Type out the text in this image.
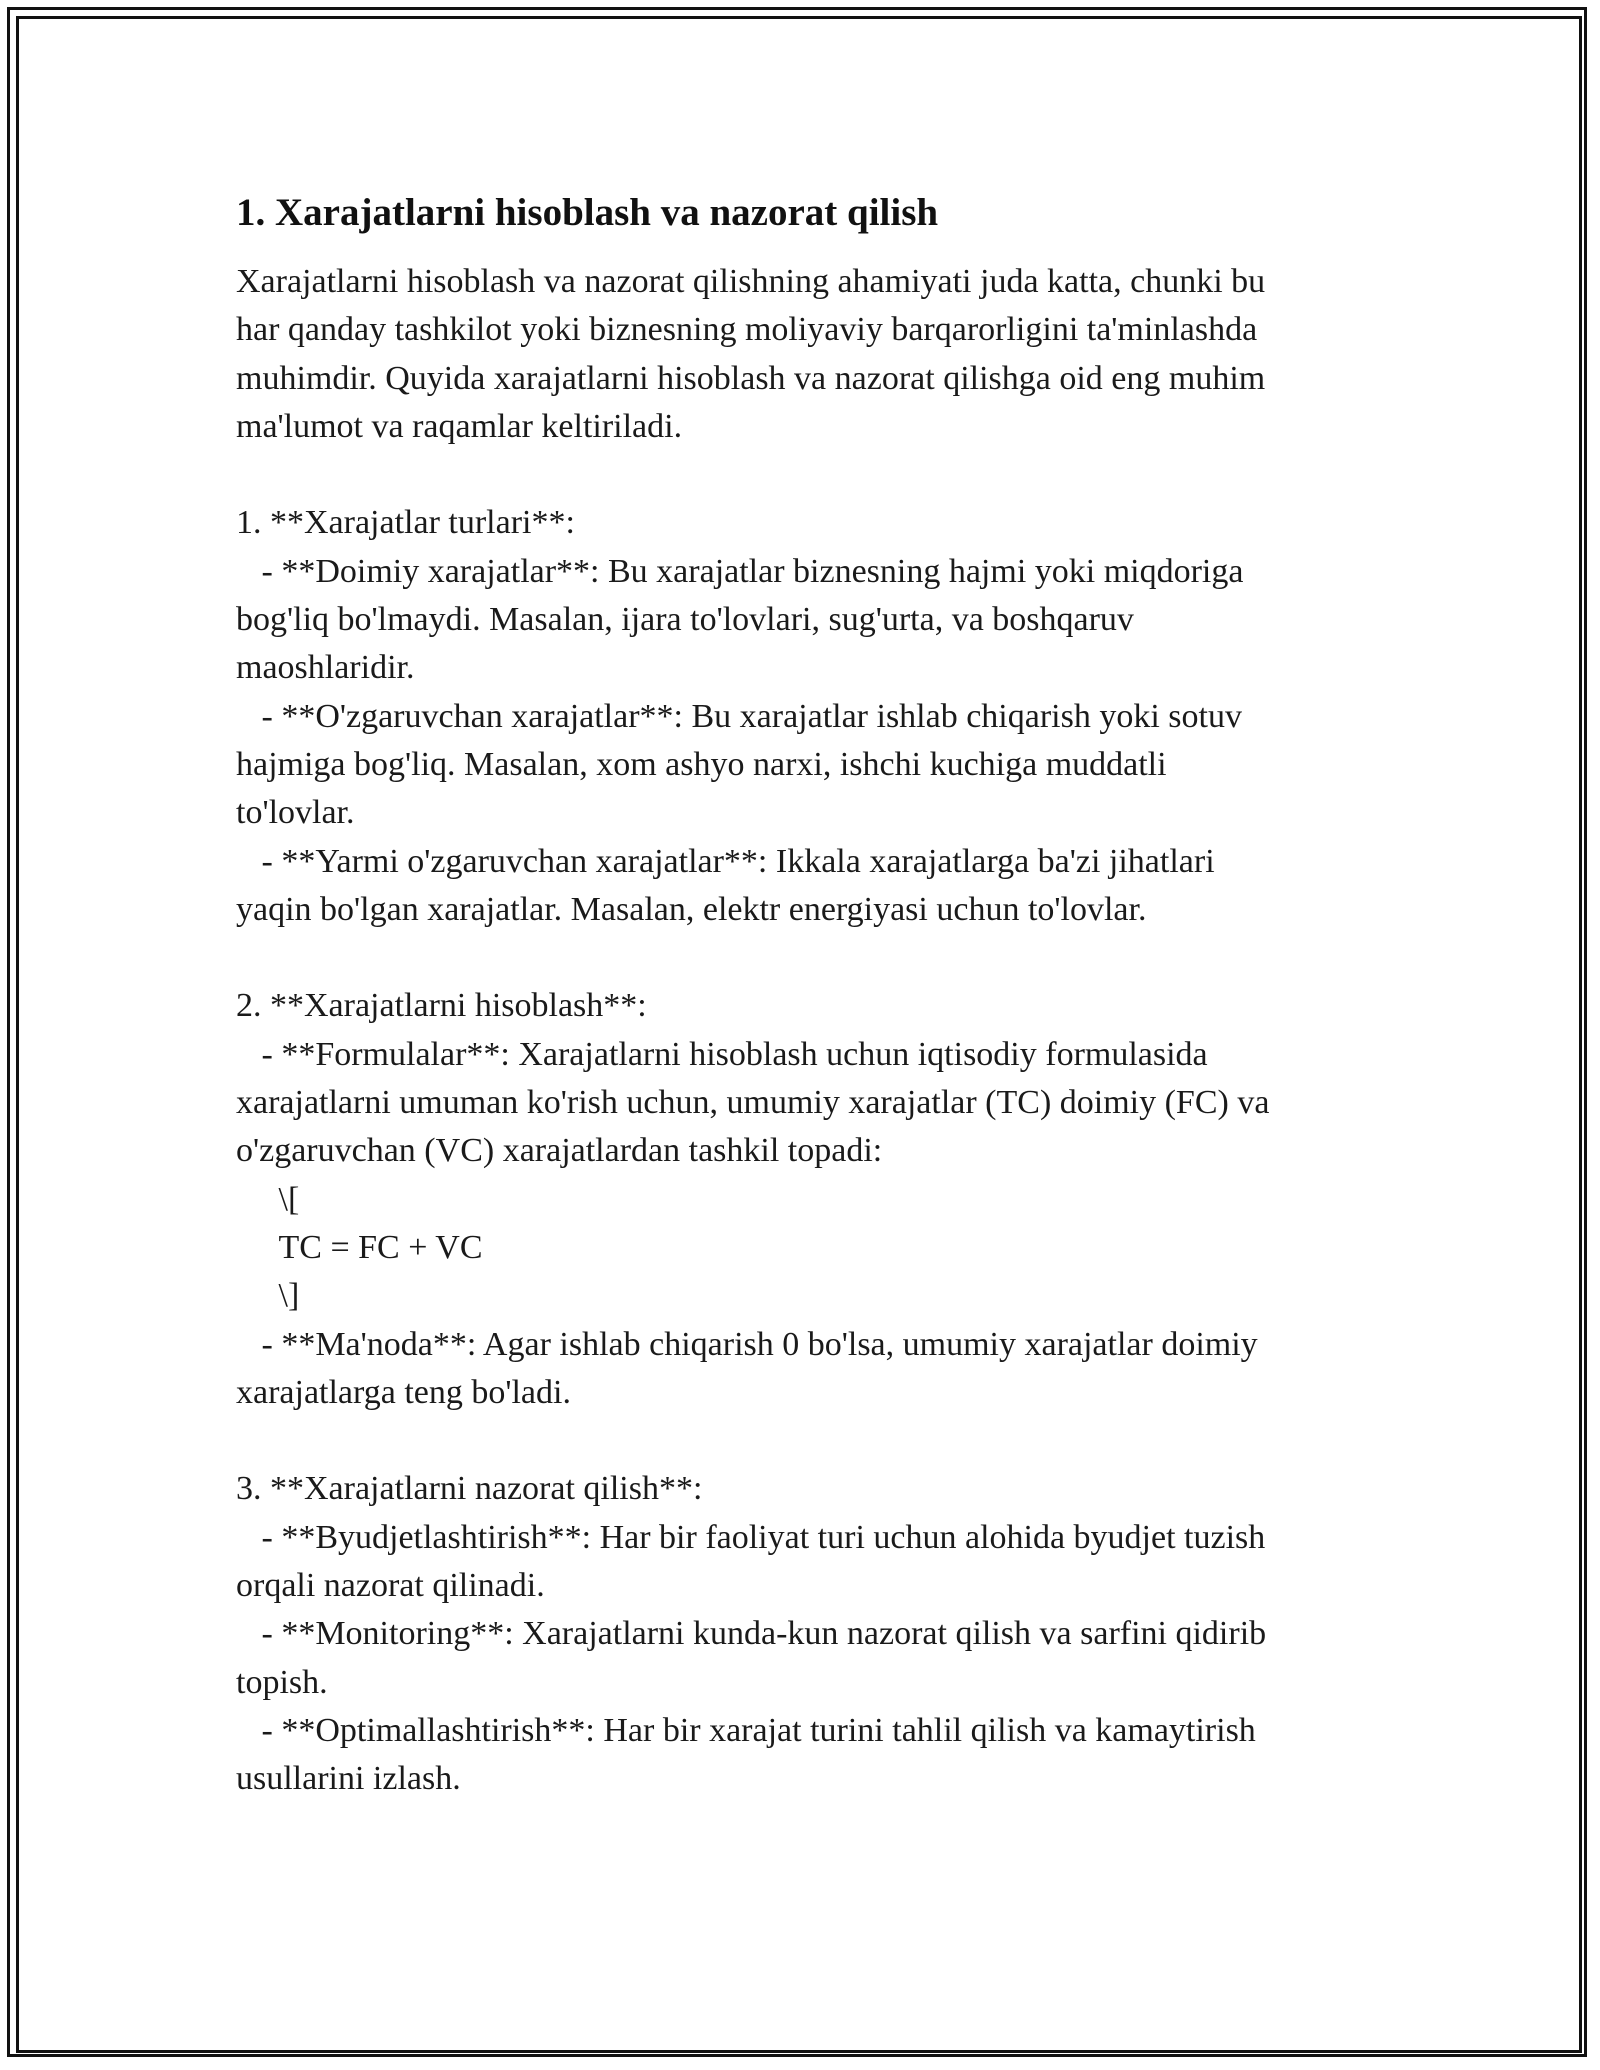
1. Xarajatlarni hisoblash va nazorat qilish
Xarajatlarni hisoblash va nazorat qilishning ahamiyati juda katta, chunki bu
har qanday tashkilot yoki biznesning moliyaviy barqarorligini ta'minlashda
muhimdir. Quyida xarajatlarni hisoblash va nazorat qilishga oid eng muhim
ma'lumot va raqamlar keltiriladi.

1. **Xarajatlar turlari**:
- **Doimiy xarajatlar**: Bu xarajatlar biznesning hajmi yoki miqdoriga
bog'liq bo'lmaydi. Masalan, ijara to'lovlari, sug'urta, va boshqaruv
maoshlaridir.
- **O'zgaruvchan xarajatlar**: Bu xarajatlar ishlab chiqarish yoki sotuv
hajmiga bog'liq. Masalan, xom ashyo narxi, ishchi kuchiga muddatli
to'lovlar.
- **Yarmi o'zgaruvchan xarajatlar**: Ikkala xarajatlarga ba'zi jihatlari
yaqin bo'lgan xarajatlar. Masalan, elektr energiyasi uchun to'lovlar.

2. **Xarajatlarni hisoblash**:
- **Formulalar**: Xarajatlarni hisoblash uchun iqtisodiy formulasida
xarajatlarni umuman ko'rish uchun, umumiy xarajatlar (TC) doimiy (FC) va
o'zgaruvchan (VC) xarajatlardan tashkil topadi:
\[
TC = FC + VC
\]
- **Ma'noda**: Agar ishlab chiqarish 0 bo'lsa, umumiy xarajatlar doimiy
xarajatlarga teng bo'ladi.

3. **Xarajatlarni nazorat qilish**:
- **Byudjetlashtirish**: Har bir faoliyat turi uchun alohida byudjet tuzish
orqali nazorat qilinadi.
- **Monitoring**: Xarajatlarni kunda-kun nazorat qilish va sarfini qidirib
topish.
- **Optimallashtirish**: Har bir xarajat turini tahlil qilish va kamaytirish
usullarini izlash.
